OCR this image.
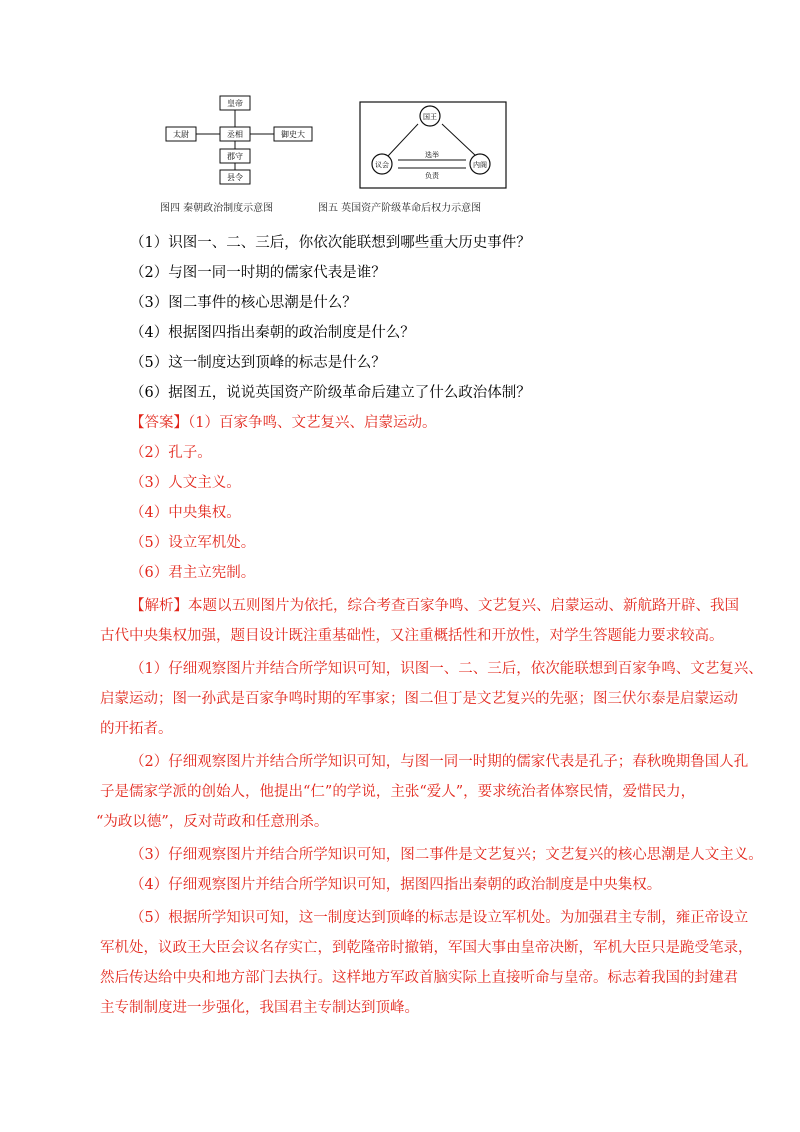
皇帝
太尉	丞相	御史大
郡守
县令
国王
议会	内阁
选举
负责
图四 秦朝政治制度示意图	图五 英国资产阶级革命后权力示意图
（1）识图一、二、三后，你依次能联想到哪些重大历史事件？
（2）与图一同一时期的儒家代表是谁？
（3）图二事件的核心思潮是什么？
（4）根据图四指出秦朝的政治制度是什么？
（5）这一制度达到顶峰的标志是什么？
（6）据图五，说说英国资产阶级革命后建立了什么政治体制？
【答案】（1）百家争鸣、文艺复兴、启蒙运动。
（2）孔子。
（3）人文主义。
（4）中央集权。
（5）设立军机处。
（6）君主立宪制。
【解析】本题以五则图片为依托，综合考查百家争鸣、文艺复兴、启蒙运动、新航路开辟、我国
古代中央集权加强，题目设计既注重基础性，又注重概括性和开放性，对学生答题能力要求较高。
（1）仔细观察图片并结合所学知识可知，识图一、二、三后，依次能联想到百家争鸣、文艺复兴、
启蒙运动；图一孙武是百家争鸣时期的军事家；图二但丁是文艺复兴的先驱；图三伏尔泰是启蒙运动
的开拓者。
（2）仔细观察图片并结合所学知识可知，与图一同一时期的儒家代表是孔子；春秋晚期鲁国人孔
子是儒家学派的创始人，他提出“仁”的学说，主张“爱人”，要求统治者体察民情，爱惜民力，
“为政以德”，反对苛政和任意刑杀。
（3）仔细观察图片并结合所学知识可知，图二事件是文艺复兴；文艺复兴的核心思潮是人文主义。
（4）仔细观察图片并结合所学知识可知，据图四指出秦朝的政治制度是中央集权。
（5）根据所学知识可知，这一制度达到顶峰的标志是设立军机处。为加强君主专制，雍正帝设立
军机处，议政王大臣会议名存实亡，到乾隆帝时撤销，军国大事由皇帝决断，军机大臣只是跪受笔录，
然后传达给中央和地方部门去执行。这样地方军政首脑实际上直接听命与皇帝。标志着我国的封建君
主专制制度进一步强化，我国君主专制达到顶峰。
